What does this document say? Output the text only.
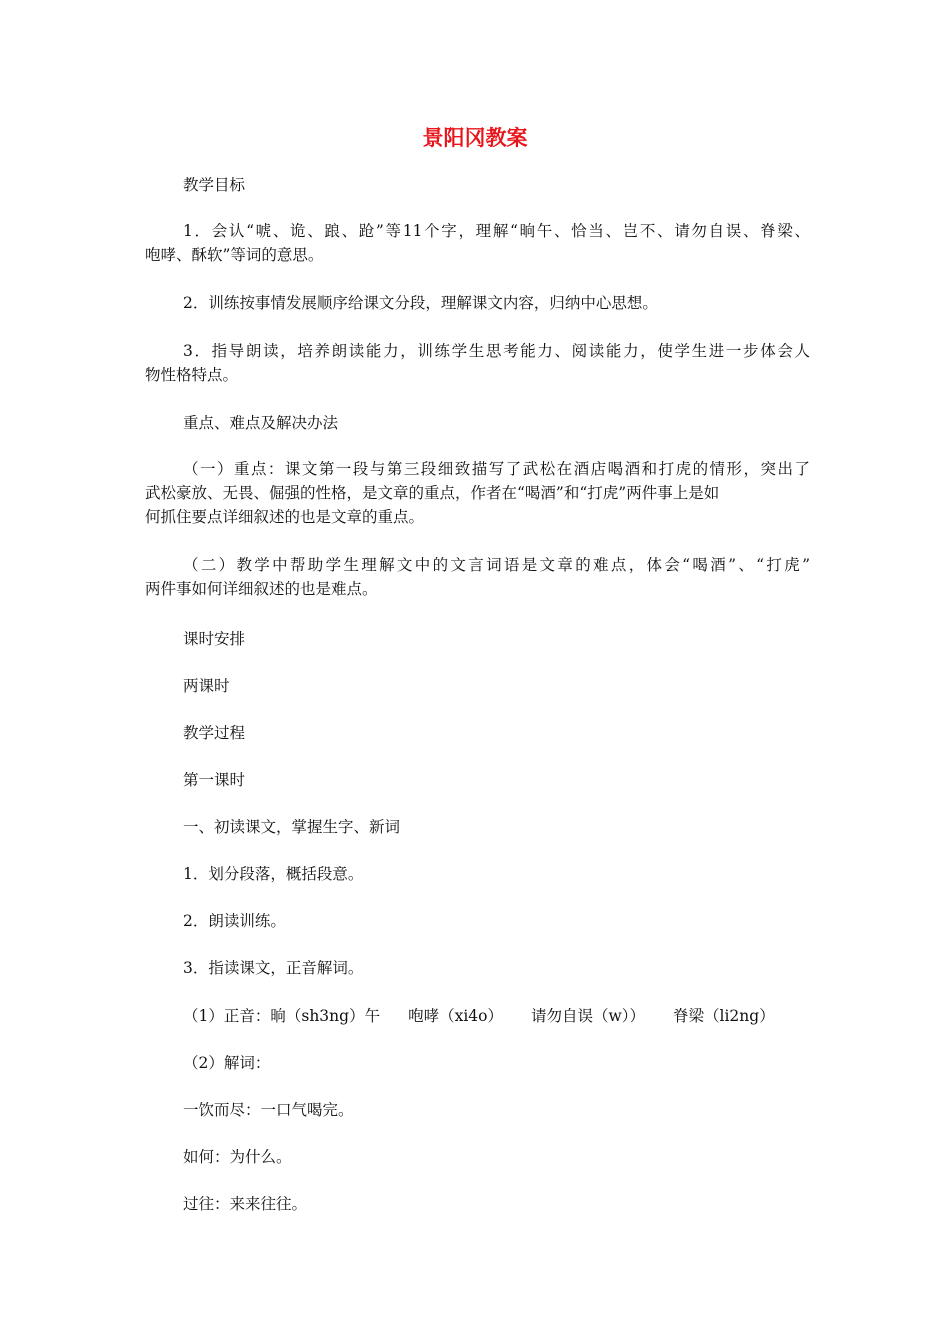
景阳冈教案
教学目标
1．会认“唬、诡、踉、跄”等11个字，理解“晌午、恰当、岂不、请勿自误、脊梁、
咆哮、酥软”等词的意思。
2．训练按事情发展顺序给课文分段，理解课文内容，归纳中心思想。
3．指导朗读，培养朗读能力，训练学生思考能力、阅读能力，使学生进一步体会人
物性格特点。
重点、难点及解决办法
（一）重点：课文第一段与第三段细致描写了武松在酒店喝酒和打虎的情形，突出了
武松豪放、无畏、倔强的性格，是文章的重点，作者在“喝酒”和“打虎”两件事上是如
何抓住要点详细叙述的也是文章的重点。
（二）教学中帮助学生理解文中的文言词语是文章的难点，体会“喝酒”、“打虎”
两件事如何详细叙述的也是难点。
课时安排
两课时
教学过程
第一课时
一、初读课文，掌握生字、新词
1．划分段落，概括段意。
2．朗读训练。
3．指读课文，正音解词。
（1）正音：晌（sh3ng）午 咆哮（xi4o） 请勿自误（w）） 脊梁（li2ng）
（2）解词：
一饮而尽：一口气喝完。
如何：为什么。
过往：来来往往。
